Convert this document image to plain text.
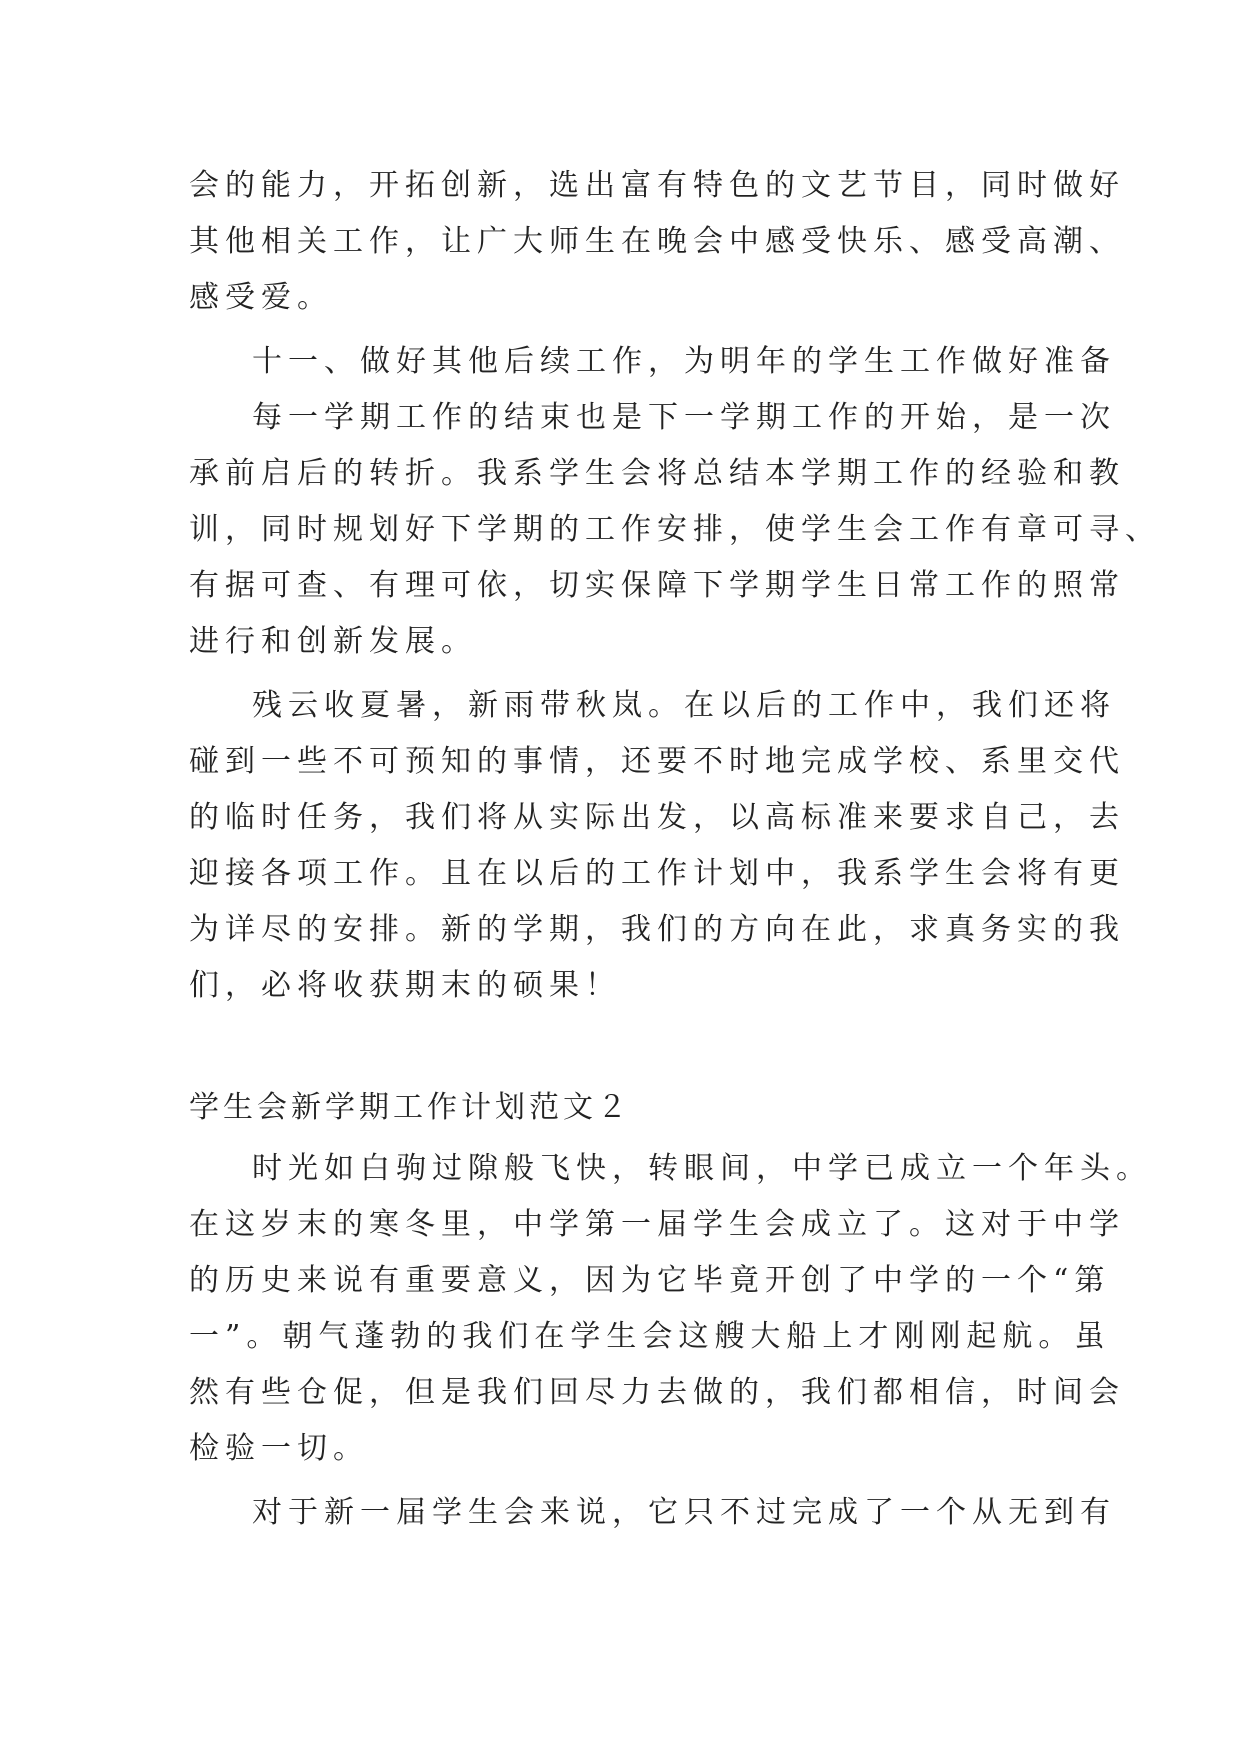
会的能力，开拓创新，选出富有特色的文艺节目，同时做好
其他相关工作，让广大师生在晚会中感受快乐、感受高潮、
感受爱。
十一、做好其他后续工作，为明年的学生工作做好准备
每一学期工作的结束也是下一学期工作的开始，是一次
承前启后的转折。我系学生会将总结本学期工作的经验和教
训，同时规划好下学期的工作安排，使学生会工作有章可寻、
有据可查、有理可依，切实保障下学期学生日常工作的照常
进行和创新发展。
残云收夏暑，新雨带秋岚。在以后的工作中，我们还将
碰到一些不可预知的事情，还要不时地完成学校、系里交代
的临时任务，我们将从实际出发，以高标准来要求自己，去
迎接各项工作。且在以后的工作计划中，我系学生会将有更
为详尽的安排。新的学期，我们的方向在此，求真务实的我
们，必将收获期末的硕果！
学生会新学期工作计划范文２
时光如白驹过隙般飞快，转眼间，中学已成立一个年头。
在这岁末的寒冬里，中学第一届学生会成立了。这对于中学
的历史来说有重要意义，因为它毕竟开创了中学的一个“第
一”。朝气蓬勃的我们在学生会这艘大船上才刚刚起航。虽
然有些仓促，但是我们回尽力去做的，我们都相信，时间会
检验一切。
对于新一届学生会来说，它只不过完成了一个从无到有
